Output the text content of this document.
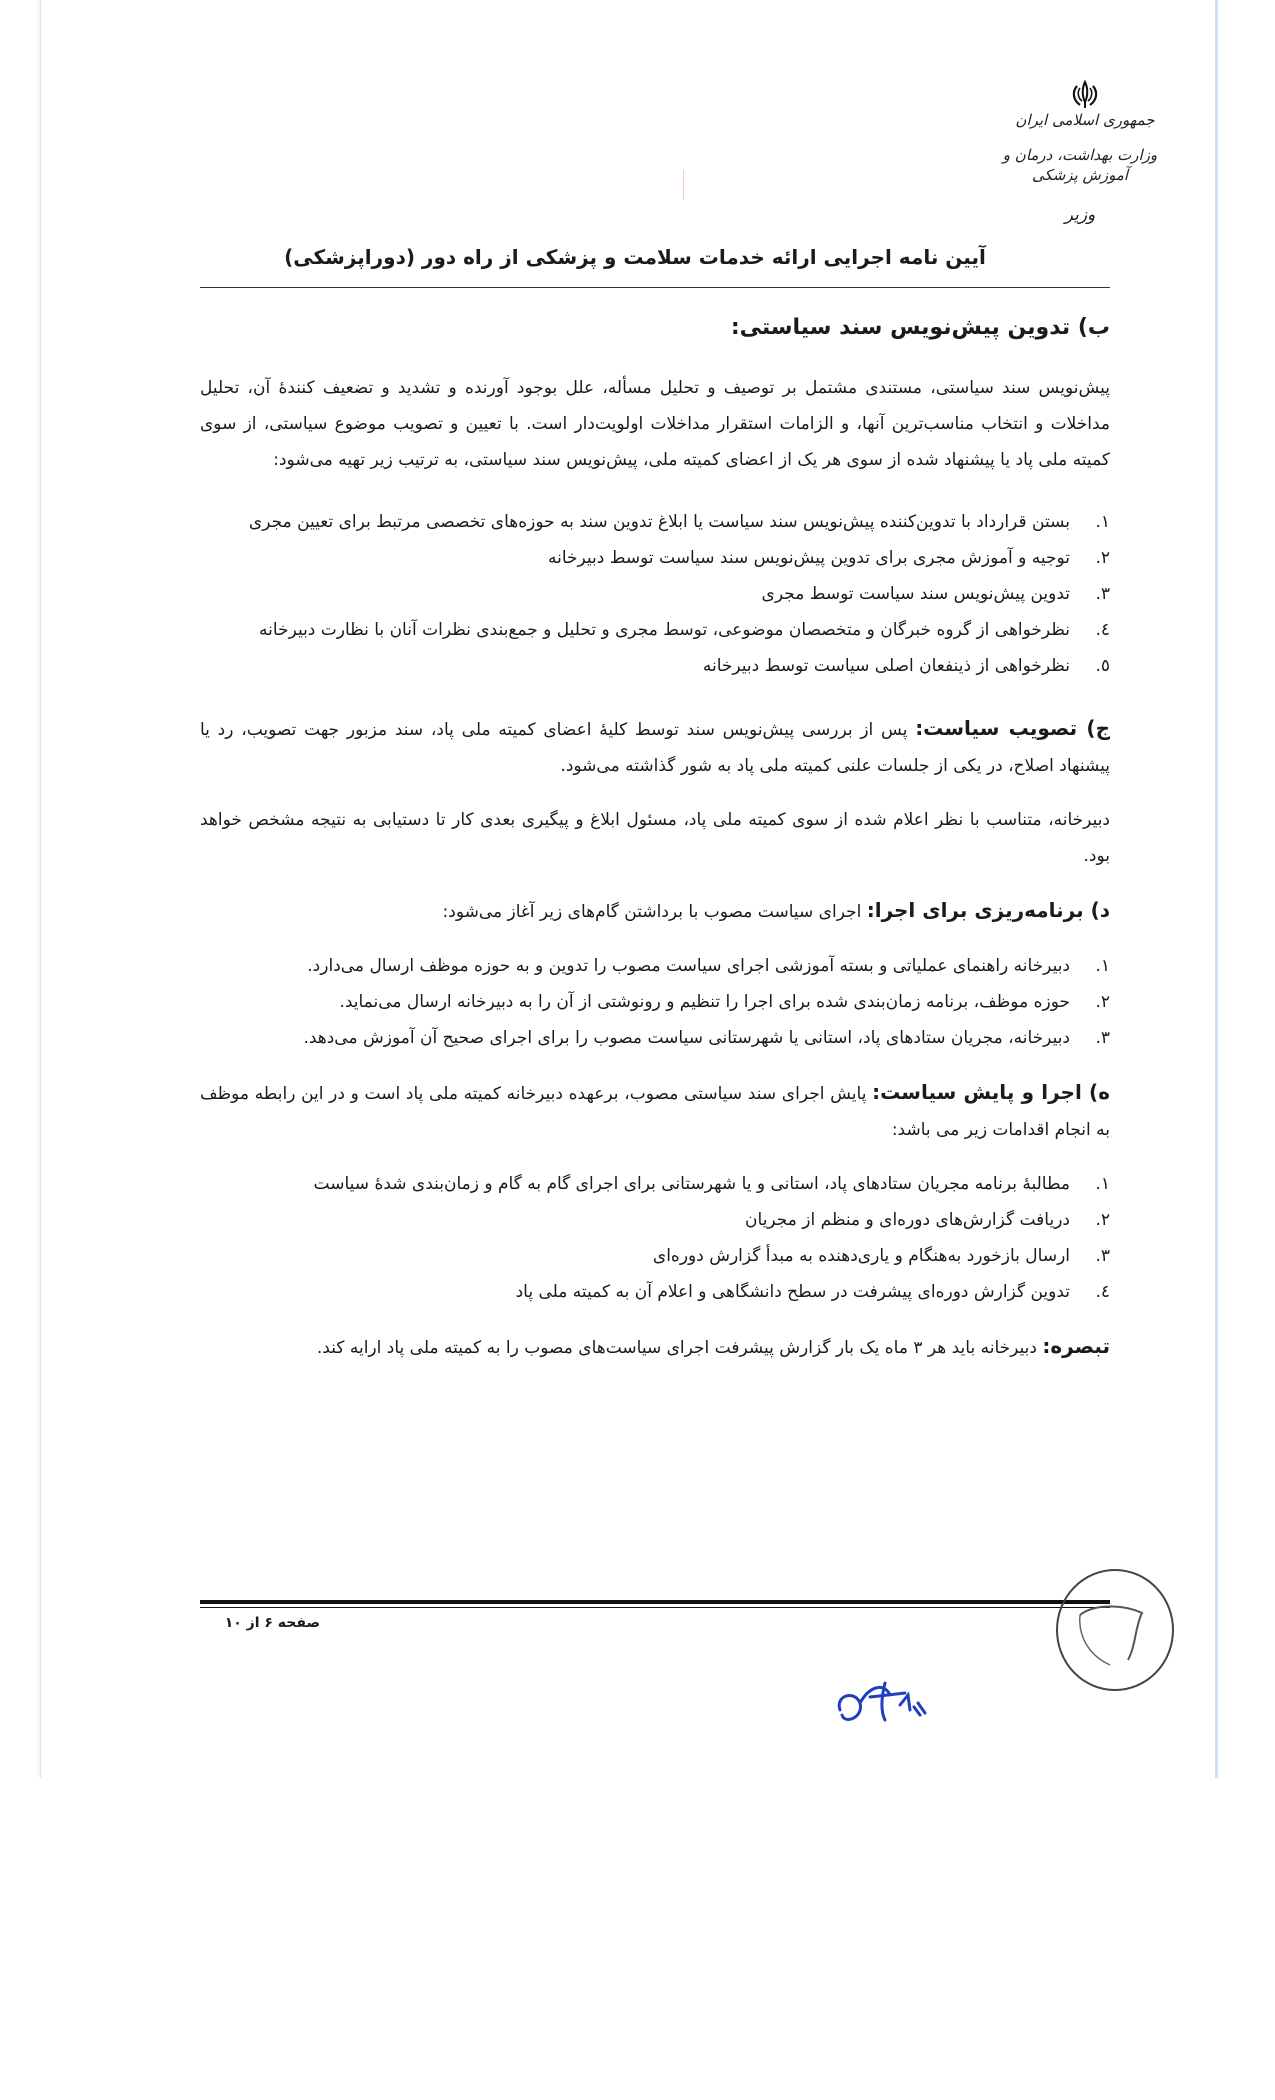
جمهوری اسلامی ایران
وزارت بهداشت، درمان و آموزش پزشکی
وزیر
آیین نامه اجرایی ارائه خدمات سلامت و پزشکی از راه دور (دوراپزشکی)
ب) تدوین پیش‌نویس سند سیاستی:

پیش‌نویس سند سیاستی، مستندی مشتمل بر توصیف و تحلیل مسأله، علل بوجود آورنده و تشدید و تضعیف کنندهٔ آن، تحلیل مداخلات و انتخاب مناسب‌ترین آنها، و الزامات استقرار مداخلات اولویت‌دار است. با تعیین و تصویب موضوع سیاستی، از سوی کمیته ملی پاد یا پیشنهاد شده از سوی هر یک از اعضای کمیته ملی، پیش‌نویس سند سیاستی، به ترتیب زیر تهیه می‌شود:

۱.
بستن قرارداد با تدوین‌کننده پیش‌نویس سند سیاست یا ابلاغ تدوین سند به حوزه‌های تخصصی مرتبط برای تعیین مجری
۲.
توجیه و آموزش مجری برای تدوین پیش‌نویس سند سیاست توسط دبیرخانه
۳.
تدوین پیش‌نویس سند سیاست توسط مجری
٤.
نظرخواهی از گروه خبرگان و متخصصان موضوعی، توسط مجری و تحلیل و جمع‌بندی نظرات آنان با نظارت دبیرخانه
٥.
نظرخواهی از ذینفعان اصلی سیاست توسط دبیرخانه

ج) تصویب سیاست: پس از بررسی پیش‌نویس سند توسط کلیهٔ اعضای کمیته ملی پاد، سند مزبور جهت تصویب، رد یا پیشنهاد اصلاح، در یکی از جلسات علنی کمیته ملی پاد به شور گذاشته می‌شود.

دبیرخانه، متناسب با نظر اعلام شده از سوی کمیته ملی پاد، مسئول ابلاغ و پیگیری بعدی کار تا دستیابی به نتیجه مشخص خواهد بود.

د) برنامه‌ریزی برای اجرا: اجرای سیاست مصوب با برداشتن گام‌های زیر آغاز می‌شود:

۱.
دبیرخانه راهنمای عملیاتی و بسته آموزشی اجرای سیاست مصوب را تدوین و به حوزه موظف ارسال می‌دارد.
۲.
حوزه موظف، برنامه زمان‌بندی شده برای اجرا را تنظیم و رونوشتی از آن را به دبیرخانه ارسال می‌نماید.
۳.
دبیرخانه، مجریان ستادهای پاد، استانی یا شهرستانی سیاست مصوب را برای اجرای صحیح آن آموزش می‌دهد.

ه) اجرا و پایش سیاست: پایش اجرای سند سیاستی مصوب، برعهده دبیرخانه کمیته ملی پاد است و در این رابطه موظف به انجام اقدامات زیر می باشد:

۱.
مطالبهٔ برنامه مجریان ستادهای پاد، استانی و یا شهرستانی برای اجرای گام به گام و زمان‌بندی شدهٔ سیاست
۲.
دریافت گزارش‌های دوره‌ای و منظم از مجریان
۳.
ارسال بازخورد به‌هنگام و یاری‌دهنده به مبدأ گزارش دوره‌ای
٤.
تدوین گزارش دوره‌ای پیشرفت در سطح دانشگاهی و اعلام آن به کمیته ملی پاد

تبصره: دبیرخانه باید هر ۳ ماه یک بار گزارش پیشرفت اجرای سیاست‌های مصوب را به کمیته ملی پاد ارایه کند.

صفحه ۶ از ۱۰
